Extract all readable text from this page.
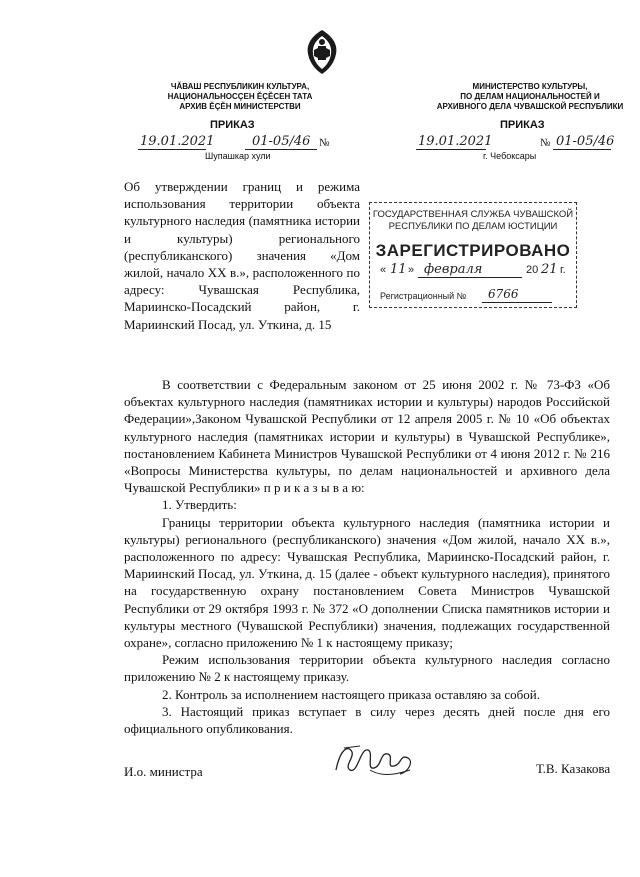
ЧĂВАШ РЕСПУБЛИКИН КУЛЬТУРА,
НАЦИОНАЛЬНОСÇЕН ĔÇĔСЕН ТАТА
АРХИВ ĔÇĔН МИНИСТЕРСТВИ
ПРИКАЗ
19.01.2021	01-05/46 №
Шупашкар хули
МИНИСТЕРСТВО КУЛЬТУРЫ,
ПО ДЕЛАМ НАЦИОНАЛЬНОСТЕЙ И
АРХИВНОГО ДЕЛА ЧУВАШСКОЙ РЕСПУБЛИКИ
ПРИКАЗ
19.01.2021	№ 01-05/46
г. Чебоксары
Об утверждении границ и режима использования территории объекта культурного наследия (памятника истории и культуры) регионального (республиканского) значения «Дом жилой, начало XX в.», расположенного по адресу: Чувашская Республика, Мариинско-Посадский район, г. Мариинский Посад, ул. Уткина, д. 15
ГОСУДАРСТВЕННАЯ СЛУЖБА ЧУВАШСКОЙ
РЕСПУБЛИКИ ПО ДЕЛАМ ЮСТИЦИИ
ЗАРЕГИСТРИРОВАНО
« 11 » февраля	20 21 г.
Регистрационный № 6766

В соответствии с Федеральным законом от 25 июня 2002 г. № 73-ФЗ «Об объектах культурного наследия (памятниках истории и культуры) народов Российской Федерации»,Законом Чувашской Республики от 12 апреля 2005 г. № 10 «Об объектах культурного наследия (памятниках истории и культуры) в Чувашской Республике», постановлением Кабинета Министров Чувашской Республики от 4 июня 2012 г. № 216 «Вопросы Министерства культуры, по делам национальностей и архивного дела Чувашской Республики» п р и к а з ы в а ю:

1. Утвердить:

Границы территории объекта культурного наследия (памятника истории и культуры) регионального (республиканского) значения «Дом жилой, начало XX в.», расположенного по адресу: Чувашская Республика, Мариинско-Посадский район, г. Мариинский Посад, ул. Уткина, д. 15 (далее - объект культурного наследия), принятого на государственную охрану постановлением Совета Министров Чувашской Республики от 29 октября 1993 г. № 372 «О дополнении Списка памятников истории и культуры местного (Чувашской Республики) значения, подлежащих государственной охране», согласно приложению № 1 к настоящему приказу;

Режим использования территории объекта культурного наследия согласно приложению № 2 к настоящему приказу.

2. Контроль за исполнением настоящего приказа оставляю за собой.

3. Настоящий приказ вступает в силу через десять дней после дня его официального опубликования.

И.о. министра	Т.В. Казакова
